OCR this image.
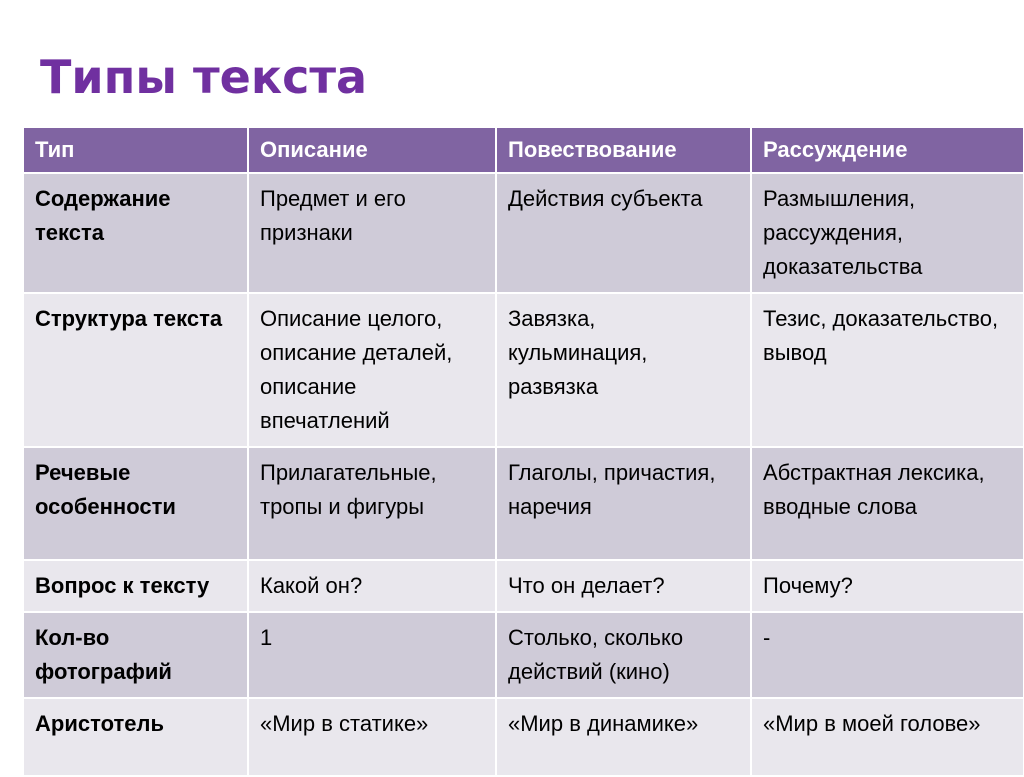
Типы текста
Тип	Описание	Повествование	Рассуждение
Содержание текста	Предмет и его признаки	Действия субъекта	Размышления, рассуждения, доказательства
Структура текста	Описание целого, описание деталей, описание впечатлений	Завязка, кульминация, развязка	Тезис, доказательство, вывод
Речевые особенности	Прилагательные, тропы и фигуры	Глаголы, причастия, наречия	Абстрактная лексика, вводные слова
Вопрос к тексту	Какой он?	Что он делает?	Почему?
Кол-во фотографий	1	Столько, сколько действий (кино)	-
Аристотель	«Мир в статике»	«Мир в динамике»	«Мир в моей голове»
